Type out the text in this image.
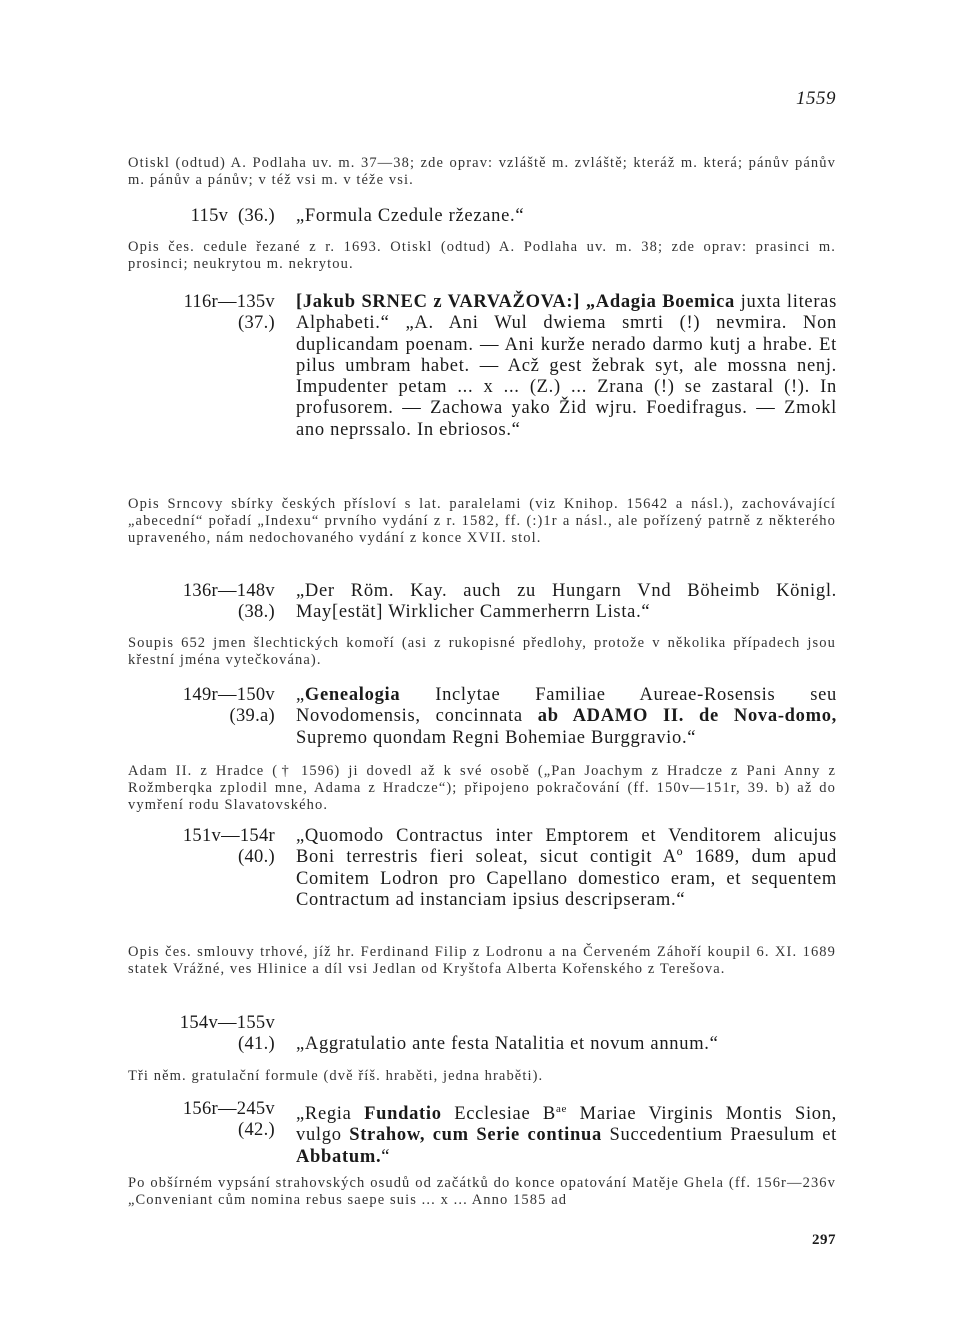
1559
Otiskl (odtud) A. Podlaha uv. m. 37—38; zde oprav: vzláště m. zvláště; kteráž m. která; pánův pánův m. pánův a pánův; v též vsi m. v téže vsi.
115v (36.) „Formula Czedule ržezane.“
Opis čes. cedule řezané z r. 1693. Otiskl (odtud) A. Podlaha uv. m. 38; zde oprav: prasinci m. prosinci; neukrytou m. nekrytou.
116r—135v
(37.)
[Jakub SRNEC z VARVAŽOVA:] „Adagia Boemica juxta literas Alphabeti.“ „A. Ani Wul dwiema smrti (!) nevmira. Non duplicandam poenam. — Ani kurže nerado darmo kutj a hrabe. Et pilus umbram habet. — Acž gest žebrak syt, ale mossna nenj. Impudenter petam ... x ... (Z.) ... Zrana (!) se zastaral (!). In profusorem. — Zachowa yako Žid wjru. Foedifragus. — Zmokl ano neprssalo. In ebriosos.“
Opis Srncovy sbírky českých přísloví s lat. paralelami (viz Knihop. 15642 a násl.), zachovávající „abecední“ pořadí „Indexu“ prvního vydání z r. 1582, ff. (:)1r a násl., ale pořízený patrně z některého upraveného, nám nedochovaného vydání z konce XVII. stol.
136r—148v
(38.)
„Der Röm. Kay. auch zu Hungarn Vnd Böheimb Königl. May[estät] Wirklicher Cammerherrn Lista.“
Soupis 652 jmen šlechtických komoří (asi z rukopisné předlohy, protože v několika případech jsou křestní jména vytečkována).
149r—150v
(39.a)
„Genealogia Inclytae Familiae Aureae-Rosensis seu Novodomensis, concinnata ab ADAMO II. de Nova-domo, Supremo quondam Regni Bohemiae Burggravio.“
Adam II. z Hradce († 1596) ji dovedl až k své osobě („Pan Joachym z Hradcze z Pani Anny z Rožmberqka zplodil mne, Adama z Hradcze“); připojeno pokračování (ff. 150v—151r, 39. b) až do vymření rodu Slavatovského.
151v—154r
(40.)
„Quomodo Contractus inter Emptorem et Venditorem alicujus Boni terrestris fieri soleat, sicut contigit Aº 1689, dum apud Comitem Lodron pro Capellano domestico eram, et sequentem Contractum ad instanciam ipsius descripseram.“
Opis čes. smlouvy trhové, jíž hr. Ferdinand Filip z Lodronu a na Červeném Záhoří koupil 6. XI. 1689 statek Vrážné, ves Hlinice a díl vsi Jedlan od Kryštofa Alberta Kořenského z Terešova.
154v—155v
(41.) „Aggratulatio ante festa Natalitia et novum annum.“
Tři něm. gratulační formule (dvě říš. hraběti, jedna hraběti).
156r—245v
(42.)
„Regia Fundatio Ecclesiae $B^{ae}$ Mariae Virginis Montis Sion, vulgo Strahow, cum Serie continua Succedentium Praesulum et Abbatum.“
Po obšírném vypsání strahovských osudů od začátků do konce opatování Matěje Ghela (ff. 156r—236v „Conveniant cům nomina rebus saepe suis ... x ... Anno 1585 ad
297
